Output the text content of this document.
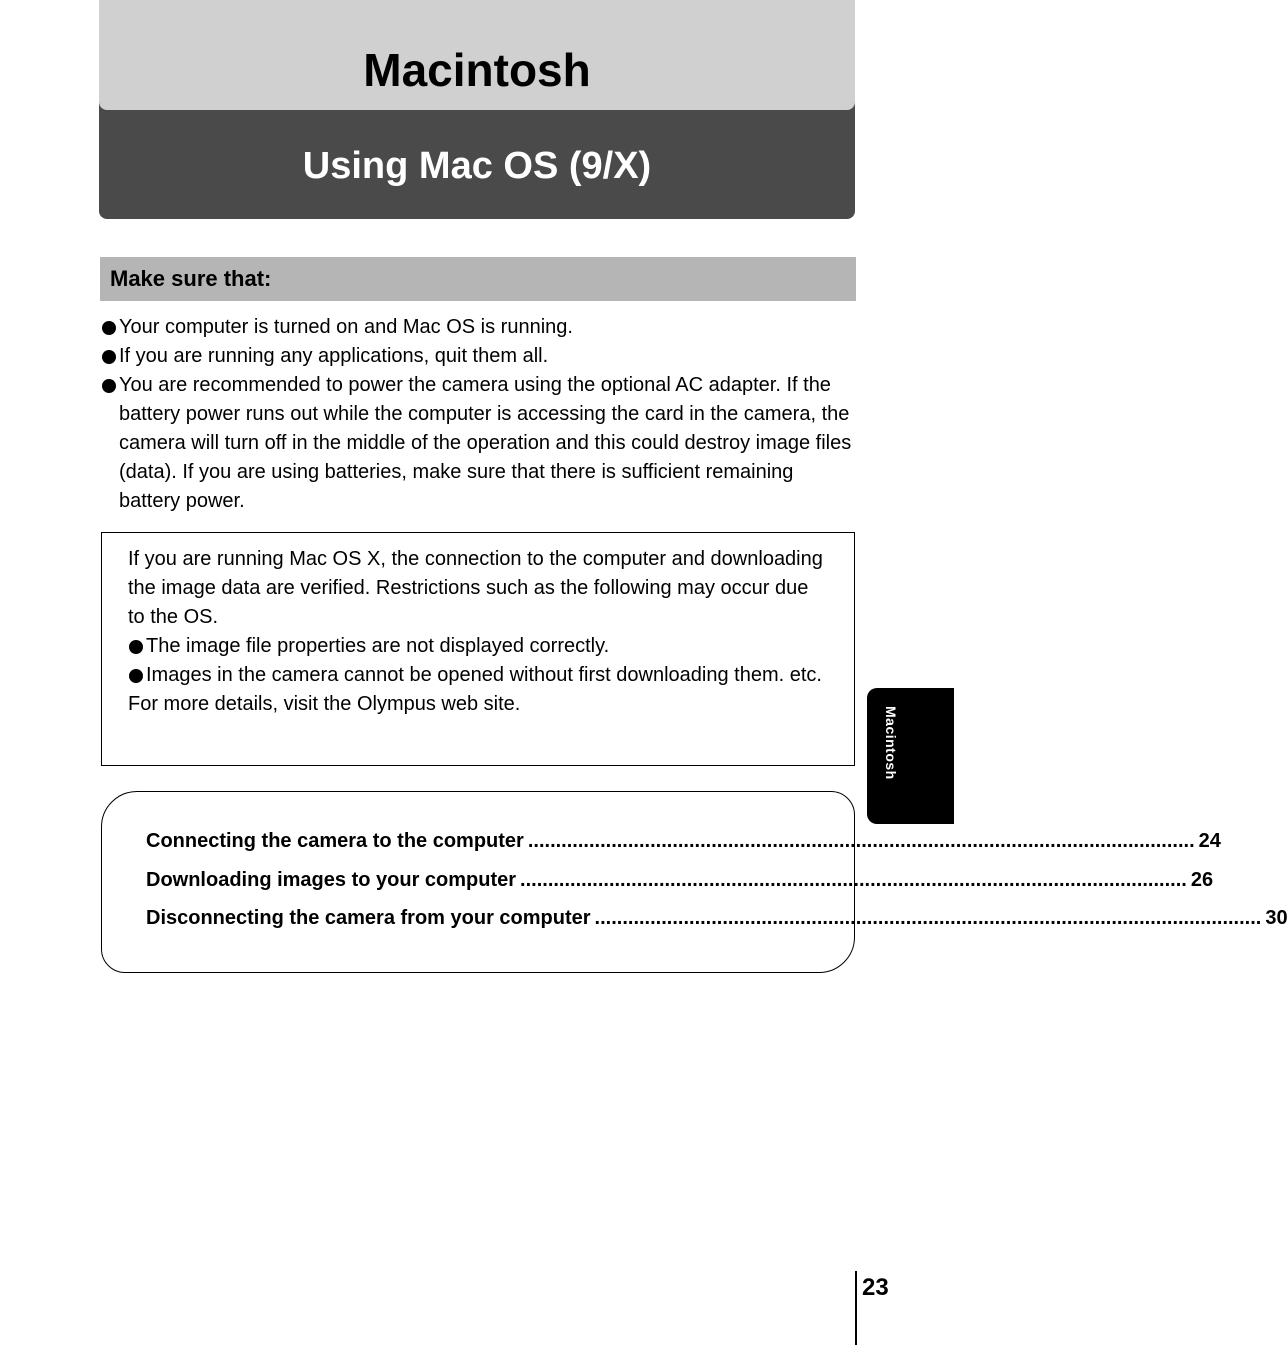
Macintosh
Using Mac OS (9/X)
Make sure that:
Your computer is turned on and Mac OS is running.
If you are running any applications, quit them all.
You are recommended to power the camera using the optional AC adapter. If the battery power runs out while the computer is accessing the card in the camera, the camera will turn off in the middle of the operation and this could destroy image files (data). If you are using batteries, make sure that there is sufficient remaining battery power.

If you are running Mac OS X, the connection to the computer and downloading the image data are verified. Restrictions such as the following may occur due to the OS.

The image file properties are not displayed correctly.
Images in the camera cannot be opened without first downloading them. etc.

For more details, visit the Olympus web site.

Connecting the camera to the computer ........................................................................................................................ 24
Downloading images to your computer ........................................................................................................................ 26
Disconnecting the camera from your computer ........................................................................................................................ 30
Macintosh
23
